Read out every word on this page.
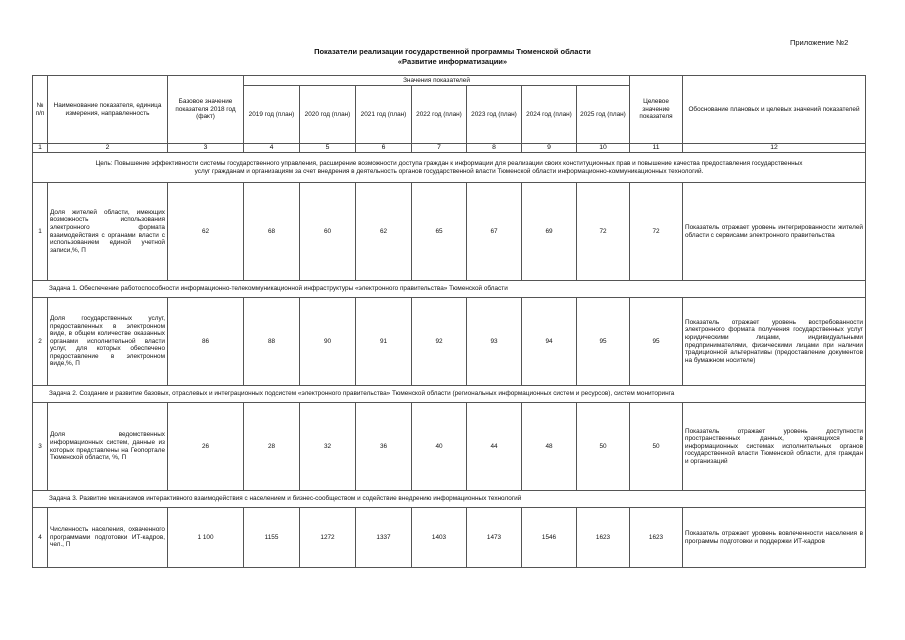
Приложение №2
Показатели реализации государственной программы Тюменской области
«Развитие информатизации»
№ п/п	Наименование показателя, единица измерения, направленность	Базовое значение показателя 2018 год (факт)	Значения показателей							Целевое значение показателя	Обоснование плановых и целевых значений показателей
			2019 год (план)	2020 год (план)	2021 год (план)	2022 год (план)	2023 год (план)	2024 год (план)	2025 год (план)		
1	2	3	4	5	6	7	8	9	10	11	12
Цель: Повышение эффективности системы государственного управления, расширение возможности доступа граждан к информации для реализации своих конституционных прав и повышение качества предоставления государственных услуг гражданам и организациям за счет внедрения в деятельность органов государственной власти Тюменской области информационно-коммуникационных технологий.											
1	Доля жителей области, имеющих возможность использования электронного формата взаимодействия с органами власти с использованием единой учетной записи,%, П	62	68	60	62	65	67	69	72	72	Показатель отражает уровень интегрированности жителей области с сервисами электронного правительства
Задача 1. Обеспечение работоспособности информационно-телекоммуникационной инфраструктуры «электронного правительства» Тюменской области											
2	Доля государственных услуг, предоставленных в электронном виде, в общем количестве оказанных органами исполнительной власти услуг, для которых обеспечено предоставление в электронном виде,%, П	86	88	90	91	92	93	94	95	95	Показатель отражает уровень востребованности электронного формата получения государственных услуг юридическими лицами, индивидуальными предпринимателями, физическими лицами при наличии традиционной альтернативы (предоставление документов на бумажном носителе)
Задача 2. Создание и развитие базовых, отраслевых и интеграционных подсистем «электронного правительства» Тюменской области (региональных информационных систем и ресурсов), систем мониторинга											
3	Доля ведомственных информационных систем, данные из которых представлены на Геопортале Тюменской области, %, П	26	28	32	36	40	44	48	50	50	Показатель отражает уровень доступности пространственных данных, хранящихся в информационных системах исполнительных органов государственной власти Тюменской области, для граждан и организаций
Задача 3. Развитие механизмов интерактивного взаимодействия с населением и бизнес-сообществом и содействие внедрению информационных технологий											
4	Численность населения, охваченного программами подготовки ИТ-кадров, чел., П	1 100	1155	1272	1337	1403	1473	1546	1623	1623	Показатель отражает уровень вовлеченности населения в программы подготовки и поддержки ИТ-кадров
